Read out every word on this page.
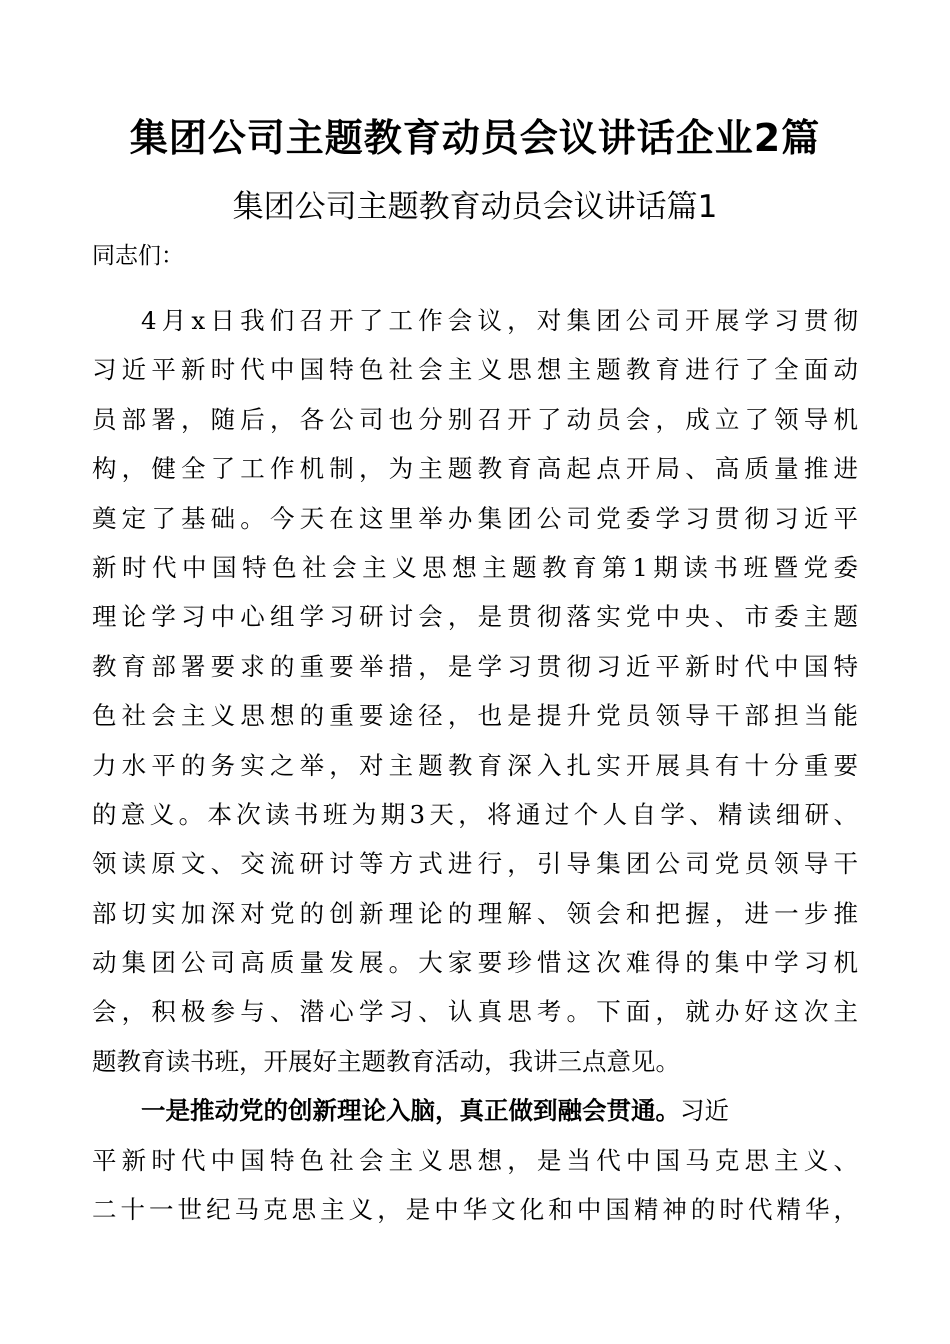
集团公司主题教育动员会议讲话企业2篇
集团公司主题教育动员会议讲话篇1
同志们：
4月x日我们召开了工作会议，对集团公司开展学习贯彻
习近平新时代中国特色社会主义思想主题教育进行了全面动
员部署，随后，各公司也分别召开了动员会，成立了领导机
构，健全了工作机制，为主题教育高起点开局、高质量推进
奠定了基础。今天在这里举办集团公司党委学习贯彻习近平
新时代中国特色社会主义思想主题教育第1期读书班暨党委
理论学习中心组学习研讨会，是贯彻落实党中央、市委主题
教育部署要求的重要举措，是学习贯彻习近平新时代中国特
色社会主义思想的重要途径，也是提升党员领导干部担当能
力水平的务实之举，对主题教育深入扎实开展具有十分重要
的意义。本次读书班为期3天，将通过个人自学、精读细研、
领读原文、交流研讨等方式进行，引导集团公司党员领导干
部切实加深对党的创新理论的理解、领会和把握，进一步推
动集团公司高质量发展。大家要珍惜这次难得的集中学习机
会，积极参与、潜心学习、认真思考。下面，就办好这次主
题教育读书班，开展好主题教育活动，我讲三点意见。
一是推动党的创新理论入脑，真正做到融会贯通。习近
平新时代中国特色社会主义思想，是当代中国马克思主义、
二十一世纪马克思主义，是中华文化和中国精神的时代精华，
